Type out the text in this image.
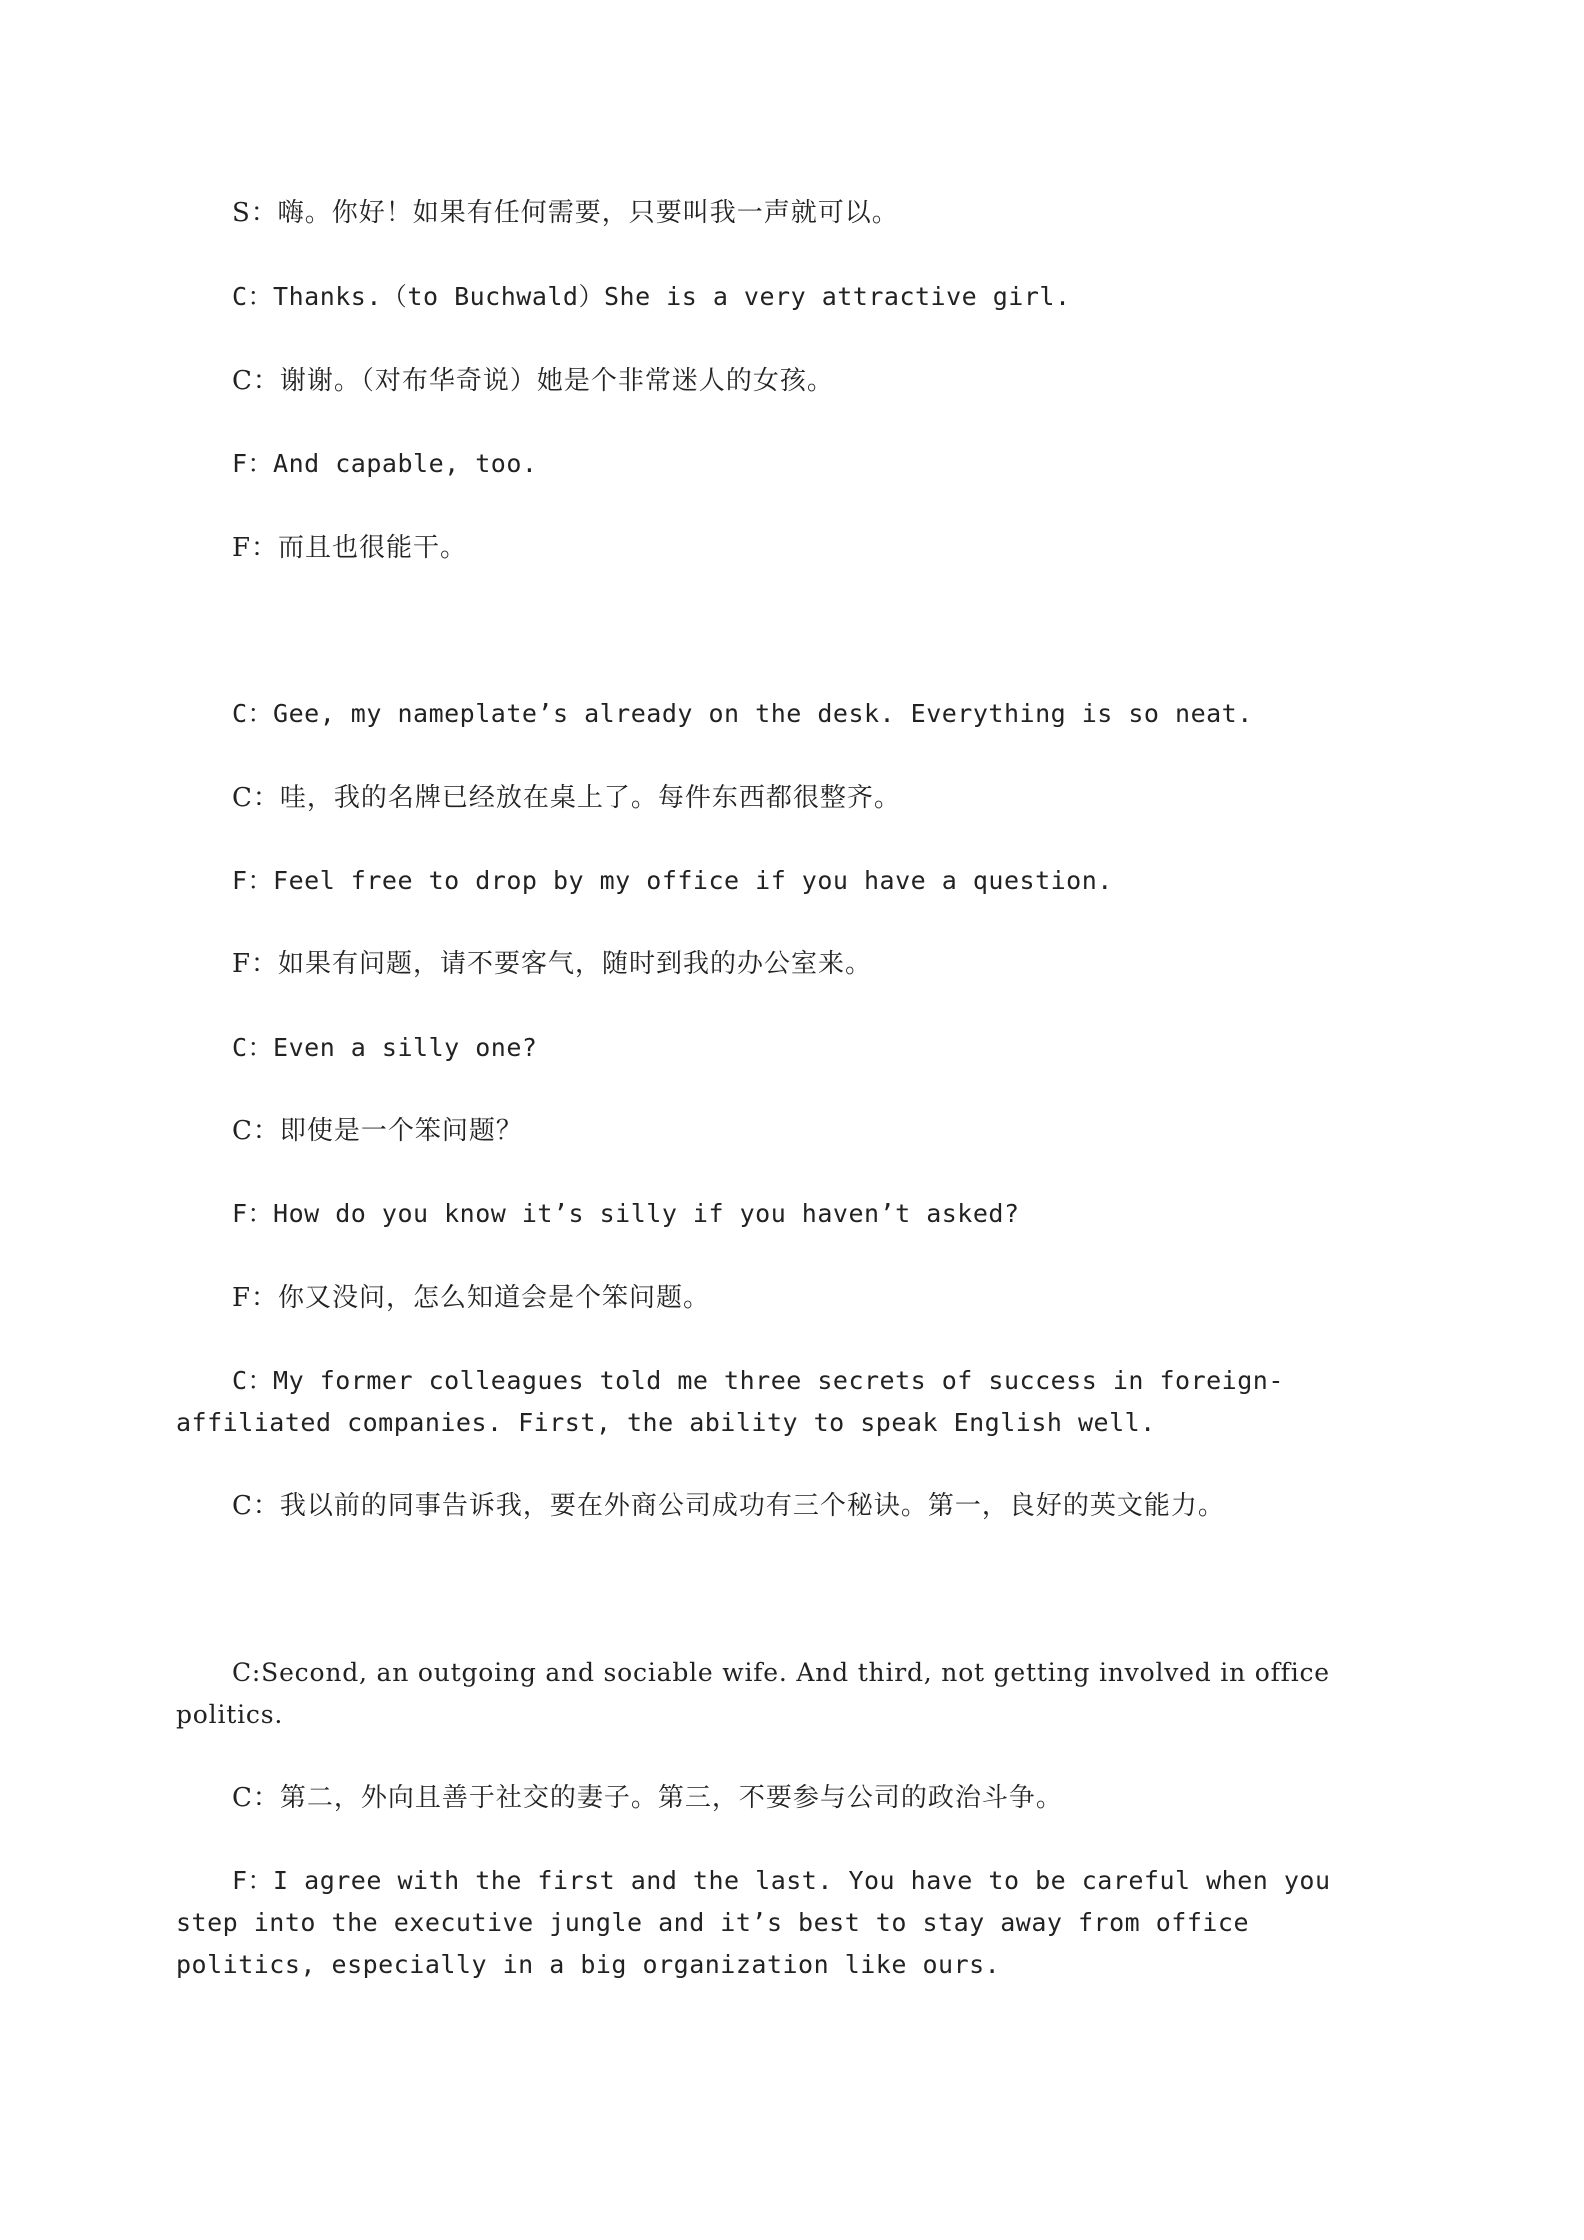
S：嗨。你好！如果有任何需要，只要叫我一声就可以。

C：Thanks.（to Buchwald）She is a very attractive girl.

C：谢谢。（对布华奇说）她是个非常迷人的女孩。

F：And capable, too.

F：而且也很能干。

C：Gee, my nameplate’s already on the desk. Everything is so neat.

C：哇，我的名牌已经放在桌上了。每件东西都很整齐。

F：Feel free to drop by my office if you have a question.

F：如果有问题，请不要客气，随时到我的办公室来。

C：Even a silly one?

C：即使是一个笨问题？

F：How do you know it’s silly if you haven’t asked?

F：你又没问，怎么知道会是个笨问题。

C：My former colleagues told me three secrets of success in foreign-affiliated companies. First, the ability to speak English well.

C：我以前的同事告诉我，要在外商公司成功有三个秘诀。第一，良好的英文能力。

C:Second, an outgoing and sociable wife. And third, not getting involved in office politics.

C：第二，外向且善于社交的妻子。第三，不要参与公司的政治斗争。

F：I agree with the first and the last. You have to be careful when you step into the executive jungle and it’s best to stay away from office politics, especially in a big organization like ours.
